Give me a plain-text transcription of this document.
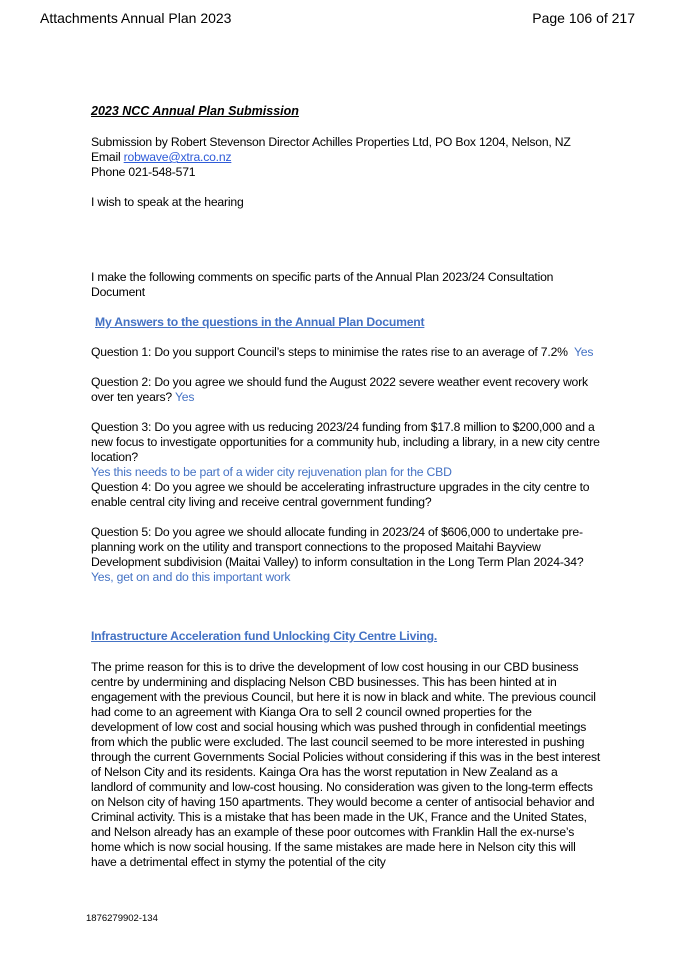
Attachments Annual Plan 2023	Page 106 of 217
2023 NCC Annual Plan Submission

Submission by Robert Stevenson Director Achilles Properties Ltd, PO Box 1204, Nelson, NZ

Email robwave@xtra.co.nz

Phone 021-548-571

I wish to speak at the hearing
I make the following comments on specific parts of the Annual Plan 2023/24 Consultation Document
My Answers to the questions in the Annual Plan Document
Question 1: Do you support Council’s steps to minimise the rates rise to an average of 7.2% Yes
Question 2: Do you agree we should fund the August 2022 severe weather event recovery work over ten years? Yes

Question 3: Do you agree with us reducing 2023/24 funding from $17.8 million to $200,000 and a new focus to investigate opportunities for a community hub, including a library, in a new city centre location?

Yes this needs to be part of a wider city rejuvenation plan for the CBD

Question 4: Do you agree we should be accelerating infrastructure upgrades in the city centre to enable central city living and receive central government funding?

Question 5: Do you agree we should allocate funding in 2023/24 of $606,000 to undertake pre-planning work on the utility and transport connections to the proposed Maitahi Bayview Development subdivision (Maitai Valley) to inform consultation in the Long Term Plan 2024-34?

Yes, get on and do this important work

Infrastructure Acceleration fund Unlocking City Centre Living.
The prime reason for this is to drive the development of low cost housing in our CBD business centre by undermining and displacing Nelson CBD businesses. This has been hinted at in engagement with the previous Council, but here it is now in black and white. The previous council had come to an agreement with Kianga Ora to sell 2 council owned properties for the development of low cost and social housing which was pushed through in confidential meetings from which the public were excluded. The last council seemed to be more interested in pushing through the current Governments Social Policies without considering if this was in the best interest of Nelson City and its residents. Kainga Ora has the worst reputation in New Zealand as a landlord of community and low-cost housing. No consideration was given to the long-term effects on Nelson city of having 150 apartments. They would become a center of antisocial behavior and Criminal activity. This is a mistake that has been made in the UK, France and the United States, and Nelson already has an example of these poor outcomes with Franklin Hall the ex-nurse’s home which is now social housing. If the same mistakes are made here in Nelson city this will have a detrimental effect in stymy the potential of the city
1876279902-134
